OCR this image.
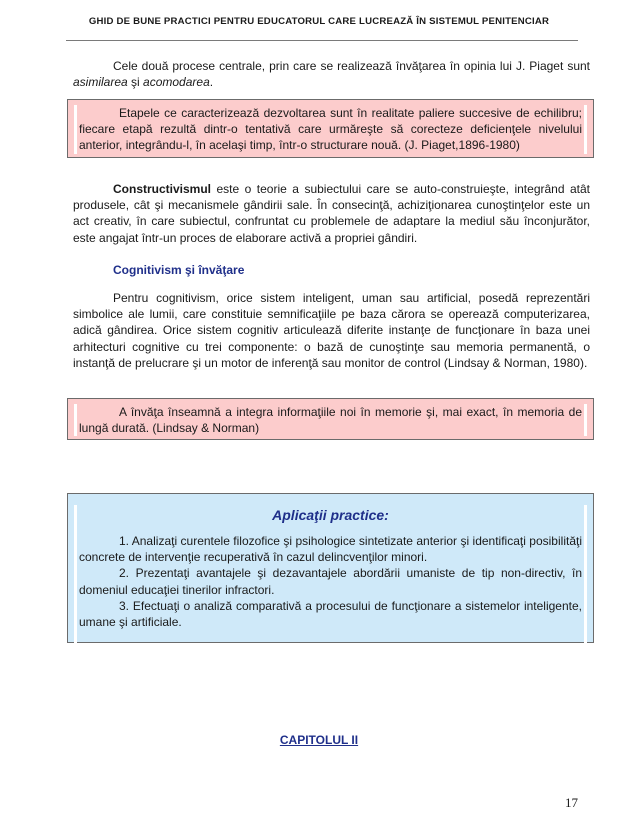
GHID DE BUNE PRACTICI PENTRU EDUCATORUL CARE LUCREAZĂ ÎN SISTEMUL PENITENCIAR

Cele două procese centrale, prin care se realizează învăţarea în opinia lui J. Piaget sunt asimilarea şi acomodarea.

Etapele ce caracterizează dezvoltarea sunt în realitate paliere succesive de echilibru; fiecare etapă rezultă dintr-o tentativă care urmăreşte să corecteze deficienţele nivelului anterior, integrându-l, în acelaşi timp, într-o structurare nouă. (J. Piaget,1896-1980)

Constructivismul este o teorie a subiectului care se auto-construieşte, integrând atât produsele, cât şi mecanismele gândirii sale. În consecinţă, achiziţionarea cunoştinţelor este un act creativ, în care subiectul, confruntat cu problemele de adaptare la mediul său înconjurător, este angajat într-un proces de elaborare activă a propriei gândiri.

Cognitivism şi învăţare

Pentru cognitivism, orice sistem inteligent, uman sau artificial, posedă reprezentări simbolice ale lumii, care constituie semnificaţiile pe baza cărora se operează computerizarea, adică gândirea. Orice sistem cognitiv articulează diferite instanţe de funcţionare în baza unei arhitecturi cognitive cu trei componente: o bază de cunoştinţe sau memoria permanentă, o instanţă de prelucrare şi un motor de inferenţă sau monitor de control (Lindsay & Norman, 1980).

A învăţa înseamnă a integra informaţiile noi în memorie şi, mai exact, în memoria de lungă durată. (Lindsay & Norman)

Aplicaţii practice:

1. Analizaţi curentele filozofice şi psihologice sintetizate anterior şi identificaţi posibilităţi concrete de intervenţie recuperativă în cazul delincvenţilor minori.

2. Prezentaţi avantajele şi dezavantajele abordării umaniste de tip non-directiv, în domeniul educaţiei tinerilor infractori.

3. Efectuaţi o analiză comparativă a procesului de funcţionare a sistemelor inteligente, umane şi artificiale.

CAPITOLUL II
17
